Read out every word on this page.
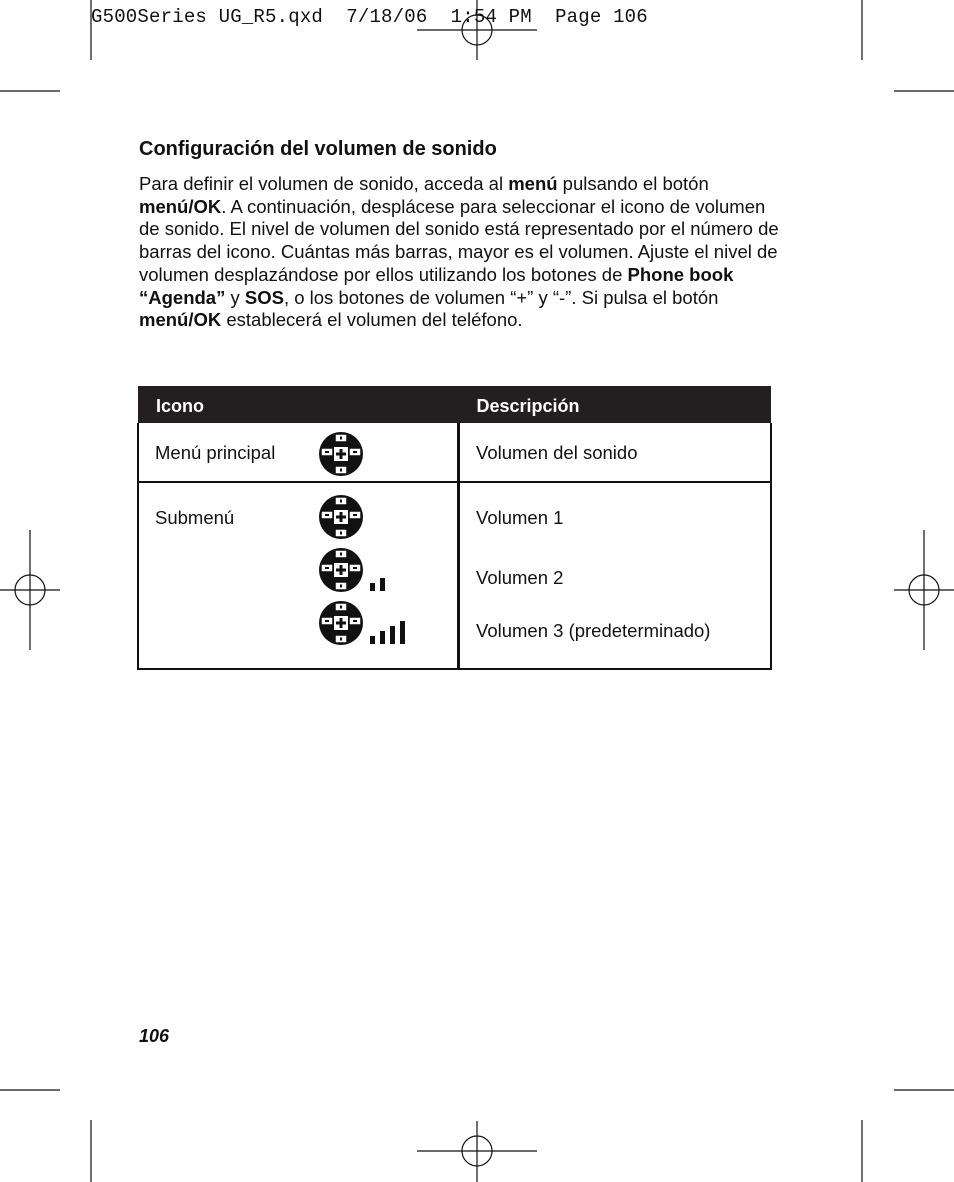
G500Series UG_R5.qxd  7/18/06  1:54 PM  Page 106
Configuración del volumen de sonido

Para definir el volumen de sonido, acceda al menú pulsando el botón menú/OK. A continuación, desplácese para seleccionar el icono de volumen de sonido. El nivel de volumen del sonido está representado por el número de barras del icono. Cuántas más barras, mayor es el volumen. Ajuste el nivel de volumen desplazándose por ellos utilizando los botones de Phone book “Agenda” y SOS, o los botones de volumen “+” y “-”. Si pulsa el botón menú/OK establecerá el volumen del teléfono.

Icono	Descripción

Menú principal	Volumen del sonido

Submenú	Volumen 1
Volumen 2
Volumen 3 (predeterminado)
106
